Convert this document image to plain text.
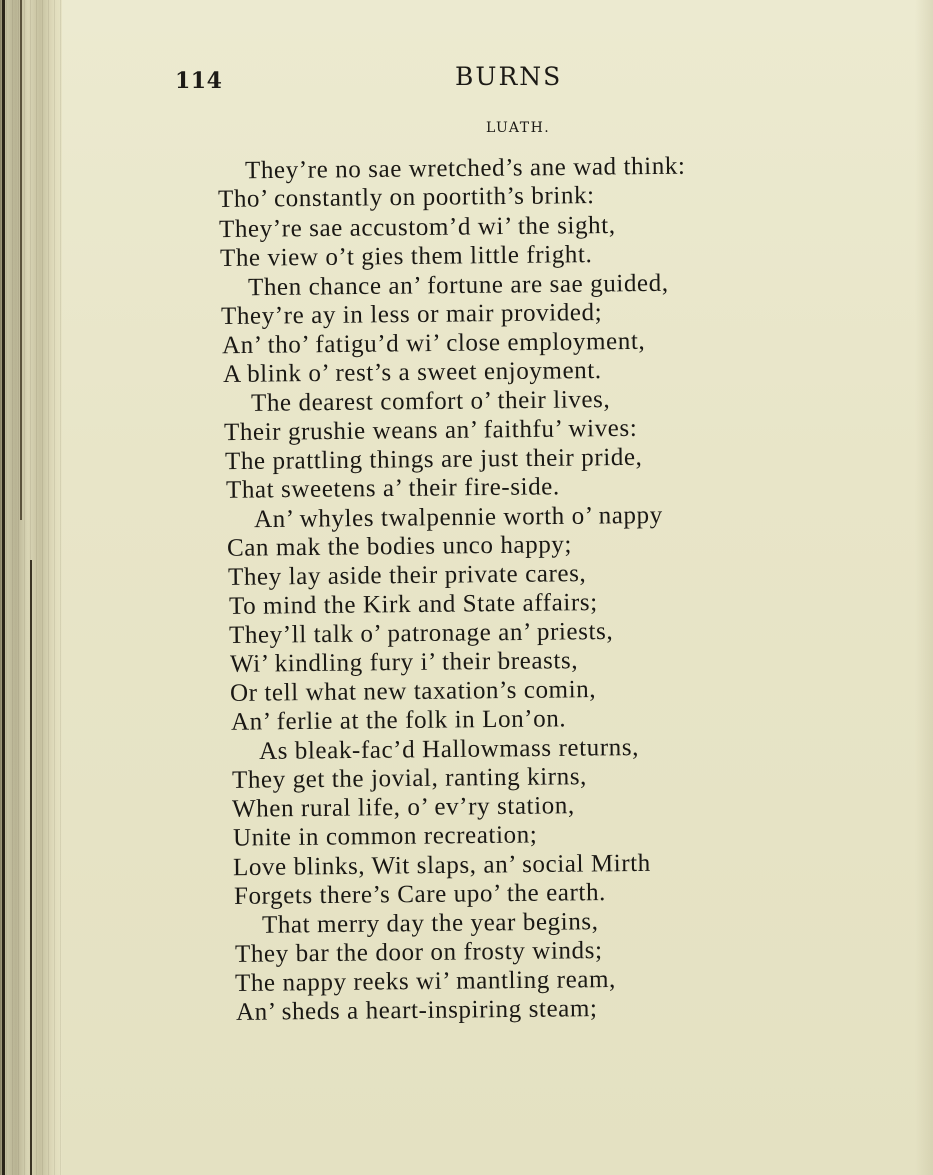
114	BURNS
LUATH.
They’re no sae wretched’s ane wad think:
Tho’ constantly on poortith’s brink:
They’re sae accustom’d wi’ the sight,
The view o’t gies them little fright.
Then chance an’ fortune are sae guided,
They’re ay in less or mair provided;
An’ tho’ fatigu’d wi’ close employment,
A blink o’ rest’s a sweet enjoyment.
The dearest comfort o’ their lives,
Their grushie weans an’ faithfu’ wives:
The prattling things are just their pride,
That sweetens a’ their fire-side.
An’ whyles twalpennie worth o’ nappy
Can mak the bodies unco happy;
They lay aside their private cares,
To mind the Kirk and State affairs;
They’ll talk o’ patronage an’ priests,
Wi’ kindling fury i’ their breasts,
Or tell what new taxation’s comin,
An’ ferlie at the folk in Lon’on.
As bleak-fac’d Hallowmass returns,
They get the jovial, ranting kirns,
When rural life, o’ ev’ry station,
Unite in common recreation;
Love blinks, Wit slaps, an’ social Mirth
Forgets there’s Care upo’ the earth.
That merry day the year begins,
They bar the door on frosty winds;
The nappy reeks wi’ mantling ream,
An’ sheds a heart-inspiring steam;
